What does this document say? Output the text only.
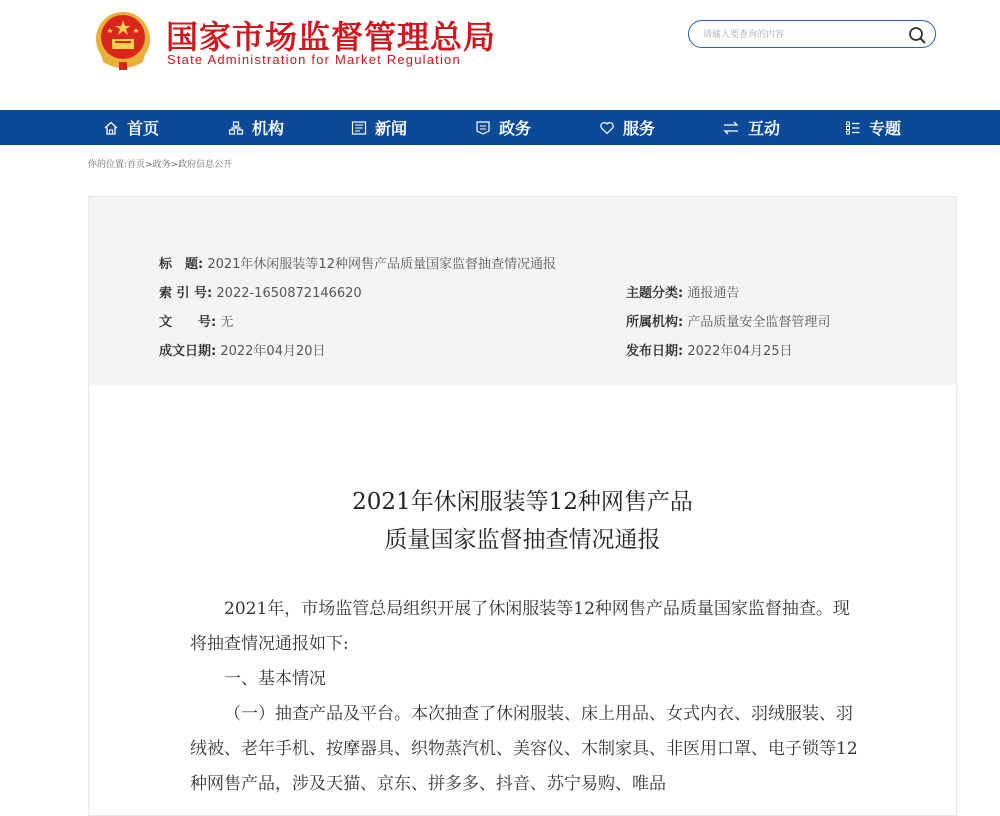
国家市场监督管理总局
State Administration for Market Regulation
请输入要查询的内容
首页	机构	新闻	政务	服务	互动	专题
你的位置:首页>政务>政府信息公开
标　题: 2021年休闲服装等12种网售产品质量国家监督抽查情况通报
索 引 号: 2022-1650872146620	主题分类: 通报通告
文　　号: 无	所属机构: 产品质量安全监督管理司
成文日期: 2022年04月20日	发布日期: 2022年04月25日
2021年休闲服装等12种网售产品
质量国家监督抽查情况通报
2021年，市场监管总局组织开展了休闲服装等12种网售产品质量国家监督抽查。现将抽查情况通报如下:
一、基本情况
（一）抽查产品及平台。本次抽查了休闲服装、床上用品、女式内衣、羽绒服装、羽绒被、老年手机、按摩器具、织物蒸汽机、美容仪、木制家具、非医用口罩、电子锁等12种网售产品，涉及天猫、京东、拼多多、抖音、苏宁易购、唯品
